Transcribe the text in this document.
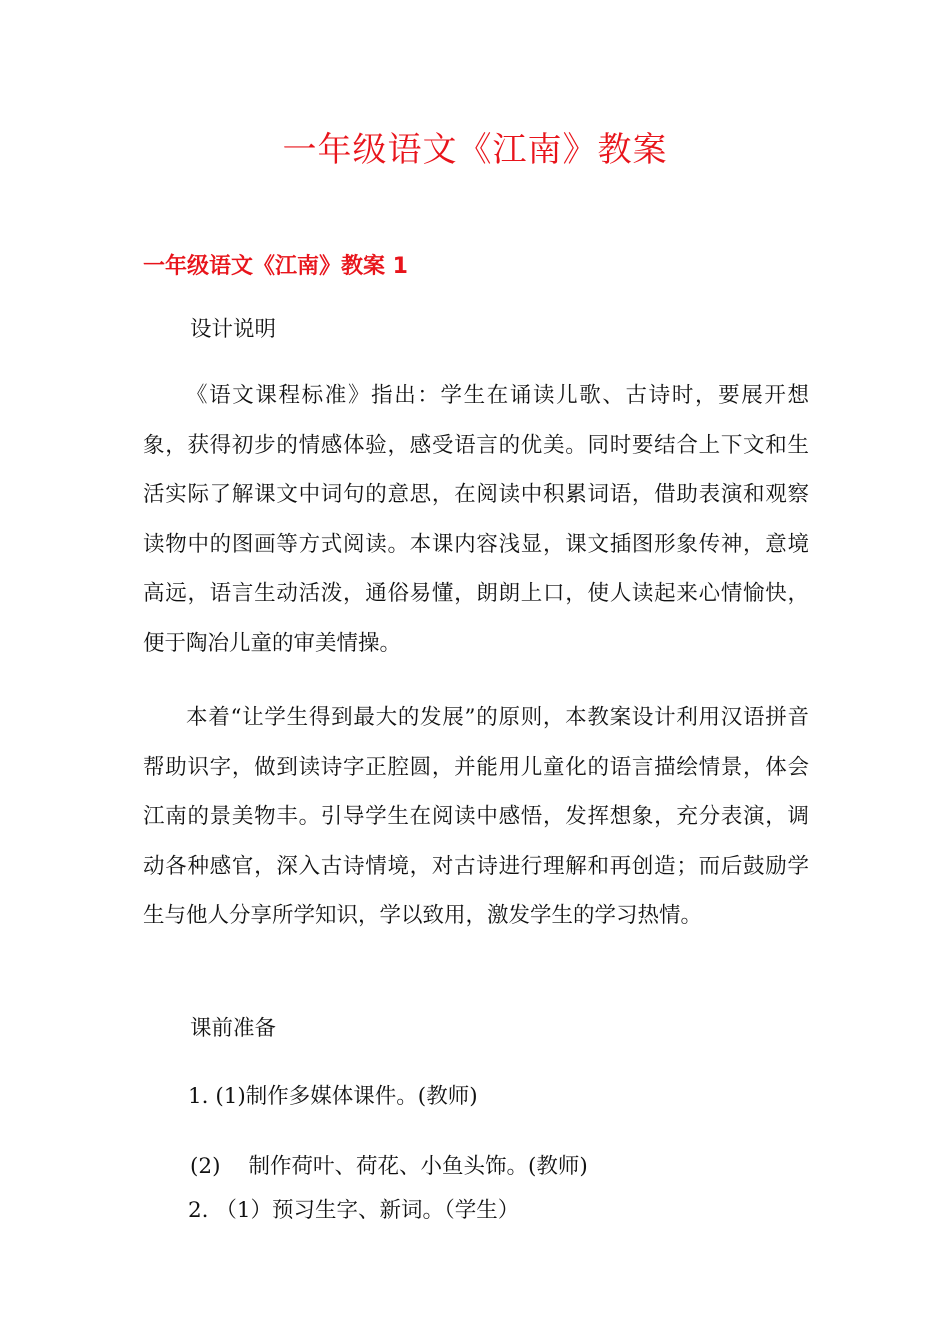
一年级语文《江南》教案
一年级语文《江南》教案 1

设计说明

《语文课程标准》指出：学生在诵读儿歌、古诗时，要展开想象，获得初步的情感体验，感受语言的优美。同时要结合上下文和生活实际了解课文中词句的意思，在阅读中积累词语，借助表演和观察读物中的图画等方式阅读。本课内容浅显，课文插图形象传神，意境高远，语言生动活泼，通俗易懂，朗朗上口，使人读起来心情愉快，便于陶冶儿童的审美情操。

本着“让学生得到最大的发展”的原则，本教案设计利用汉语拼音帮助识字，做到读诗字正腔圆，并能用儿童化的语言描绘情景，体会江南的景美物丰。引导学生在阅读中感悟，发挥想象，充分表演，调动各种感官，深入古诗情境，对古诗进行理解和再创造；而后鼓励学生与他人分享所学知识，学以致用，激发学生的学习热情。

课前准备

1. (1)制作多媒体课件。(教师)

(2) 制作荷叶、荷花、小鱼头饰。(教师)

2. （1）预习生字、新词。（学生）
